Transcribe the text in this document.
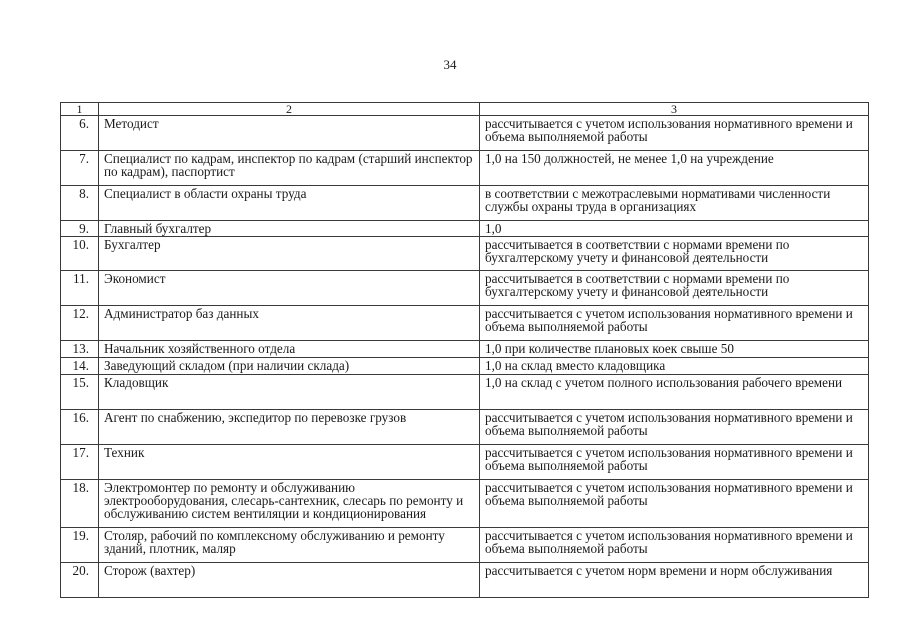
34
1	2	3
6.	Методист	рассчитывается с учетом использования нормативного времени и объема выполняемой работы
7.	Специалист по кадрам, инспектор по кадрам (старший инспектор по кадрам), паспортист	1,0 на 150 должностей, не менее 1,0 на учреждение
8.	Специалист в области охраны труда	в соответствии с межотраслевыми нормативами численности службы охраны труда в организациях
9.	Главный бухгалтер	1,0
10.	Бухгалтер	рассчитывается в соответствии с нормами времени по бухгалтерскому учету и финансовой деятельности
11.	Экономист	рассчитывается в соответствии с нормами времени по бухгалтерскому учету и финансовой деятельности
12.	Администратор баз данных	рассчитывается с учетом использования нормативного времени и объема выполняемой работы
13.	Начальник хозяйственного отдела	1,0 при количестве плановых коек свыше 50
14.	Заведующий складом (при наличии склада)	1,0 на склад вместо кладовщика
15.	Кладовщик	1,0 на склад с учетом полного использования рабочего времени
16.	Агент по снабжению, экспедитор по перевозке грузов	рассчитывается с учетом использования нормативного времени и объема выполняемой работы
17.	Техник	рассчитывается с учетом использования нормативного времени и объема выполняемой работы
18.	Электромонтер по ремонту и обслуживанию электрооборудования, слесарь-сантехник, слесарь по ремонту и обслуживанию систем вентиляции и кондиционирования	рассчитывается с учетом использования нормативного времени и объема выполняемой работы
19.	Столяр, рабочий по комплексному обслуживанию и ремонту зданий, плотник, маляр	рассчитывается с учетом использования нормативного времени и объема выполняемой работы
20.	Сторож (вахтер)	рассчитывается с учетом норм времени и норм обслуживания
